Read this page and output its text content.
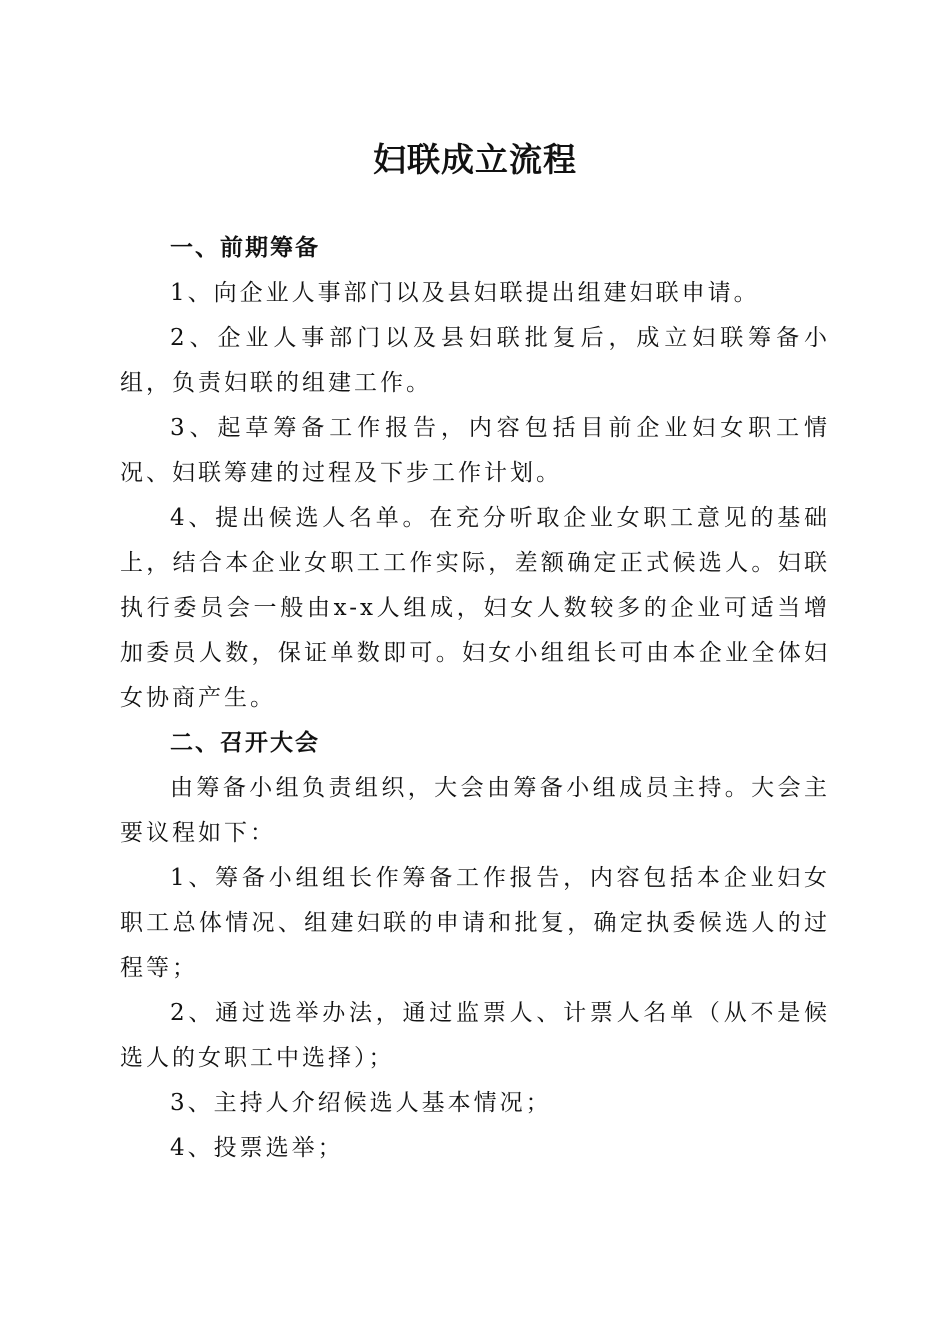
妇联成立流程
一、前期筹备

1、向企业人事部门以及县妇联提出组建妇联申请。

2、企业人事部门以及县妇联批复后，成立妇联筹备小组，负责妇联的组建工作。

3、起草筹备工作报告，内容包括目前企业妇女职工情况、妇联筹建的过程及下步工作计划。

4、提出候选人名单。在充分听取企业女职工意见的基础上，结合本企业女职工工作实际，差额确定正式候选人。妇联执行委员会一般由x-x人组成，妇女人数较多的企业可适当增加委员人数，保证单数即可。妇女小组组长可由本企业全体妇女协商产生。

二、召开大会

由筹备小组负责组织，大会由筹备小组成员主持。大会主要议程如下：

1、筹备小组组长作筹备工作报告，内容包括本企业妇女职工总体情况、组建妇联的申请和批复，确定执委候选人的过程等；

2、通过选举办法，通过监票人、计票人名单（从不是候选人的女职工中选择）；

3、主持人介绍候选人基本情况；

4、投票选举；
